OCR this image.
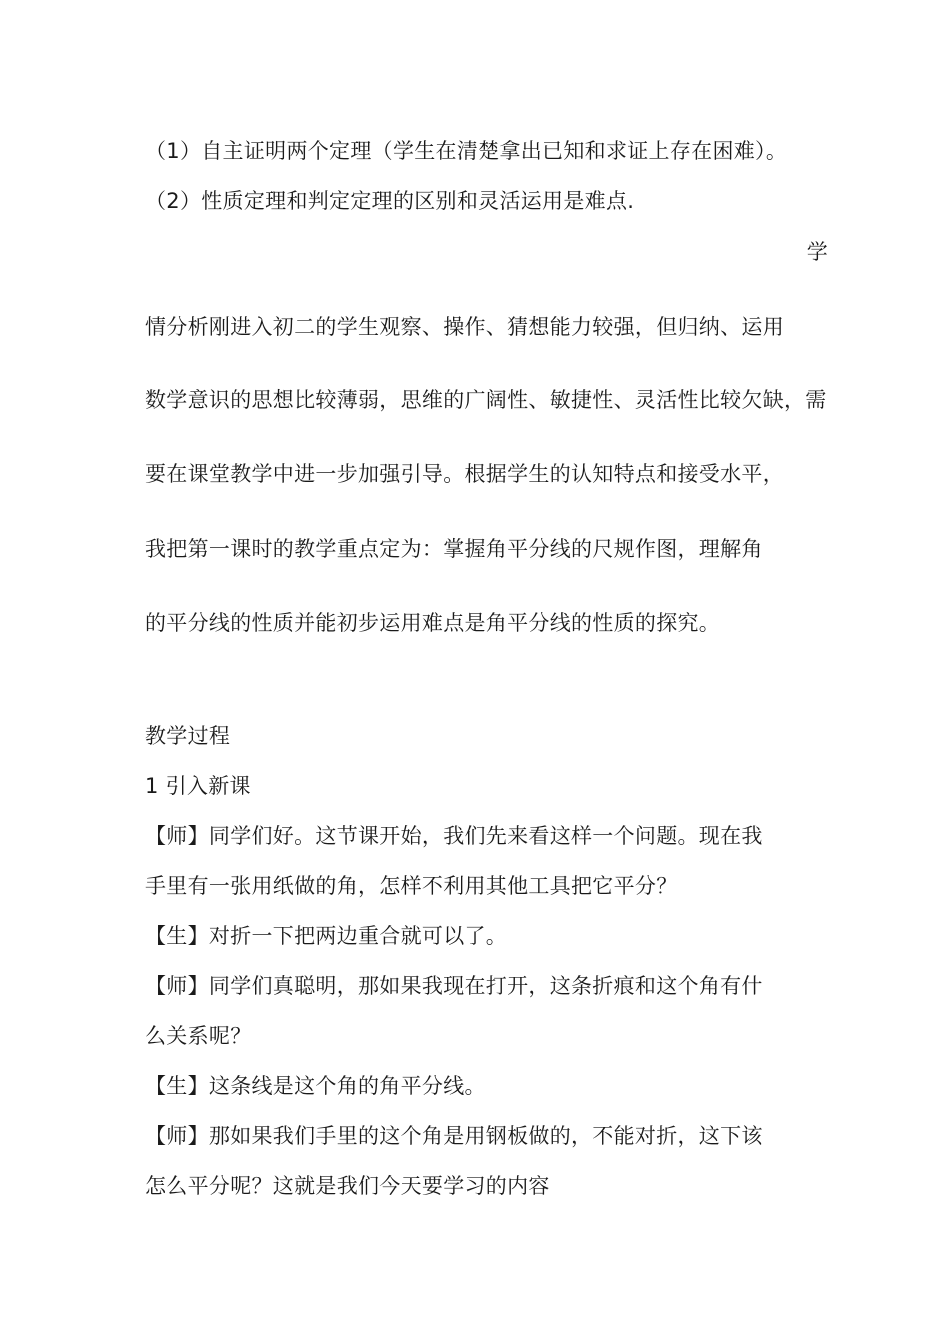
（1）自主证明两个定理（学生在清楚拿出已知和求证上存在困难）。
（2）性质定理和判定定理的区别和灵活运用是难点.
学
情分析刚进入初二的学生观察、操作、猜想能力较强，但归纳、运用
数学意识的思想比较薄弱，思维的广阔性、敏捷性、灵活性比较欠缺，需
要在课堂教学中进一步加强引导。根据学生的认知特点和接受水平，
我把第一课时的教学重点定为：掌握角平分线的尺规作图，理解角
的平分线的性质并能初步运用难点是角平分线的性质的探究。
教学过程
1 引入新课
【师】同学们好。这节课开始，我们先来看这样一个问题。现在我
手里有一张用纸做的角，怎样不利用其他工具把它平分？
【生】对折一下把两边重合就可以了。
【师】同学们真聪明，那如果我现在打开，这条折痕和这个角有什
么关系呢？
【生】这条线是这个角的角平分线。
【师】那如果我们手里的这个角是用钢板做的，不能对折，这下该
怎么平分呢？这就是我们今天要学习的内容
